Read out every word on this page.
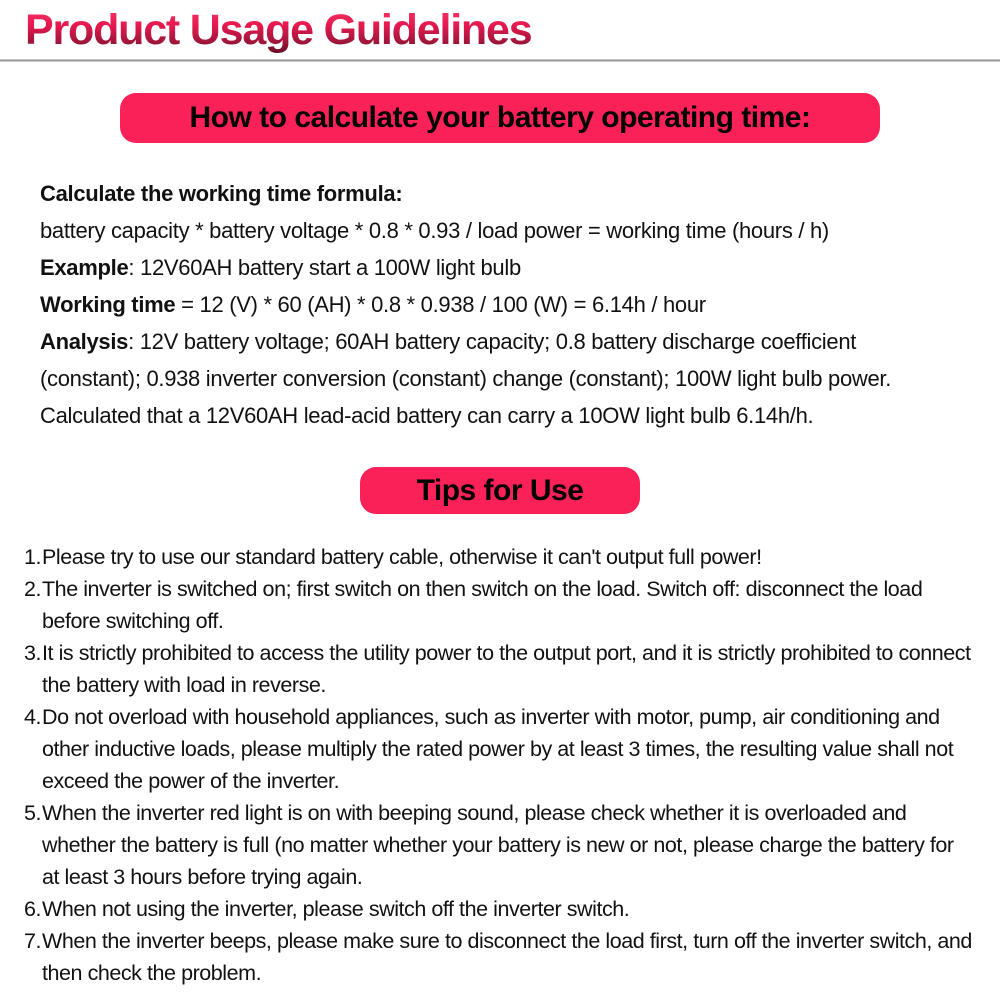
Product Usage Guidelines
How to calculate your battery operating time:

Calculate the working time formula:

battery capacity * battery voltage * 0.8 * 0.93 / load power = working time (hours / h)

Example: 12V60AH battery start a 100W light bulb

Working time = 12 (V) * 60 (AH) * 0.8 * 0.938 / 100 (W) = 6.14h / hour

Analysis: 12V battery voltage; 60AH battery capacity; 0.8 battery discharge coefficient (constant); 0.938 inverter conversion (constant) change (constant); 100W light bulb power. Calculated that a 12V60AH lead-acid battery can carry a 10OW light bulb 6.14h/h.

Tips for Use
1. Please try to use our standard battery cable, otherwise it can't output full power!
2. The inverter is switched on; first switch on then switch on the load. Switch off: disconnect the load before switching off.
3. It is strictly prohibited to access the utility power to the output port, and it is strictly prohibited to connect the battery with load in reverse.
4. Do not overload with household appliances, such as inverter with motor, pump, air conditioning and other inductive loads, please multiply the rated power by at least 3 times, the resulting value shall not exceed the power of the inverter.
5. When the inverter red light is on with beeping sound, please check whether it is overloaded and whether the battery is full (no matter whether your battery is new or not, please charge the battery for at least 3 hours before trying again.
6. When not using the inverter, please switch off the inverter switch.
7. When the inverter beeps, please make sure to disconnect the load first, turn off the inverter switch, and then check the problem.
